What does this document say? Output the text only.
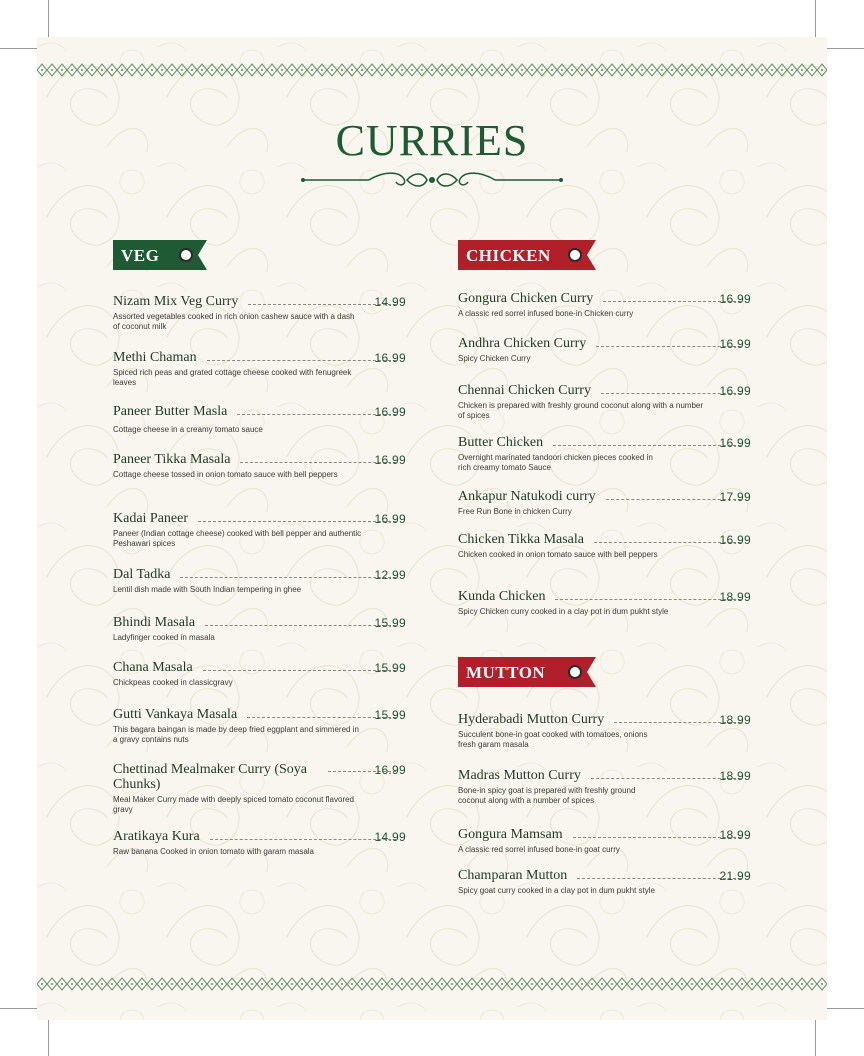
CURRIES
VEG	CHICKEN
MUTTON
Nizam Mix Veg Curry	14.99
Assorted vegetables cooked in rich onion cashew sauce with a dash of coconut milk
Methi Chaman	16.99
Spiced rich peas and grated cottage cheese cooked with fenugreek leaves
Paneer Butter Masla	16.99
Cottage cheese in a creamy tomato sauce
Paneer Tikka Masala	16.99
Cottage cheese tossed in onion tomato sauce with bell peppers
Kadai Paneer	16.99
Paneer (Indian cottage cheese) cooked with bell pepper and authentic Peshawari spices
Dal Tadka	12.99
Lentil dish made with South Indian tempering in ghee
Bhindi Masala	15.99
Ladyfinger cooked in masala
Chana Masala	15.99
Chickpeas cooked in classicgravy
Gutti Vankaya Masala	15.99
This bagara baingan is made by deep fried eggplant and simmered in a gravy contains nuts
Chettinad Mealmaker Curry (Soya Chunks)
16.99
Meal Maker Curry made with deeply spiced tomato coconut flavored gravy
Aratikaya Kura	14.99
Raw banana Cooked in onion tomato with garam masala
Gongura Chicken Curry	16.99
A classic red sorrel infused bone-in Chicken curry
Andhra Chicken Curry	16.99
Spicy Chicken Curry
Chennai Chicken Curry	16.99
Chicken is prepared with freshly ground coconut along with a number of spices
Butter Chicken	16.99
Overnight marinated tandoori chicken pieces cooked in rich creamy tomato Sauce
Ankapur Natukodi curry	17.99
Free Run Bone in chicken Curry
Chicken Tikka Masala	16.99
Chicken cooked in onion tomato sauce with bell peppers
Kunda Chicken	18.99
Spicy Chicken curry cooked in a clay pot in dum pukht style
Hyderabadi Mutton Curry	18.99
Succulent bone-in goat cooked with tomatoes, onions fresh garam masala
Madras Mutton Curry	18.99
Bone-in spicy goat is prepared with freshly ground coconut along with a number of spices
Gongura Mamsam	18.99
A classic red sorrel infused bone-in goat curry
Champaran Mutton	21.99
Spicy goat curry cooked in a clay pot in dum pukht style
